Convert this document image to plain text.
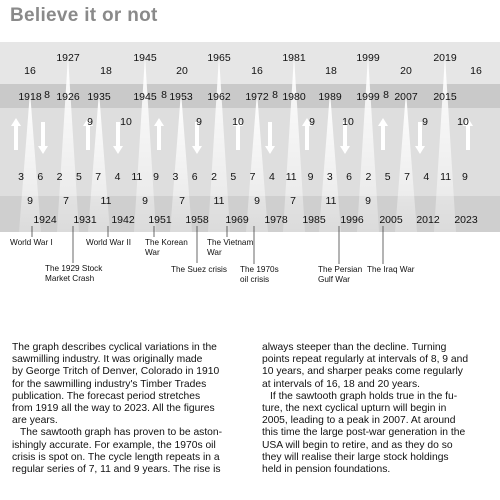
Believe it or not
16	18	20	16	18	20	16
1927	1945	1965	1981	1999	2019
1918 1926 1935 1945 1953 1962 1972 1980 1989 1999 2007 2015
8
9	10
8
9	10
8
9	10
8
9	10
3 6 2 5 7 4 11 9 3 6 2 5 7 4 11 9 3 6 2 5 7 4 11 9
9	7	11	9	7	11	9	7	11	9
1924 1931 1942 1951 1958 1969 1978 1985 1996 2005 2012 2023
World War I
The 1929 Stock
Market Crash
World War II The Korean
War
The Suez crisis
The Vietnam
War
The 1970s
oil crisis
The Persian
Gulf War
The Iraq War

The graph describes cyclical variations in the

sawmilling industry. It was originally made

by George Tritch of Denver, Colorado in 1910

for the sawmilling industry's Timber Trades

publication. The forecast period stretches

from 1919 all the way to 2023. All the figures

are years.

The sawtooth graph has proven to be aston-

ishingly accurate. For example, the 1970s oil

crisis is spot on. The cycle length repeats in a

regular series of 7, 11 and 9 years. The rise is

always steeper than the decline. Turning

points repeat regularly at intervals of 8, 9 and

10 years, and sharper peaks come regularly

at intervals of 16, 18 and 20 years.

If the sawtooth graph holds true in the fu-

ture, the next cyclical upturn will begin in

2005, leading to a peak in 2007. At around

this time the large post-war generation in the

USA will begin to retire, and as they do so

they will realise their large stock holdings

held in pension foundations.
